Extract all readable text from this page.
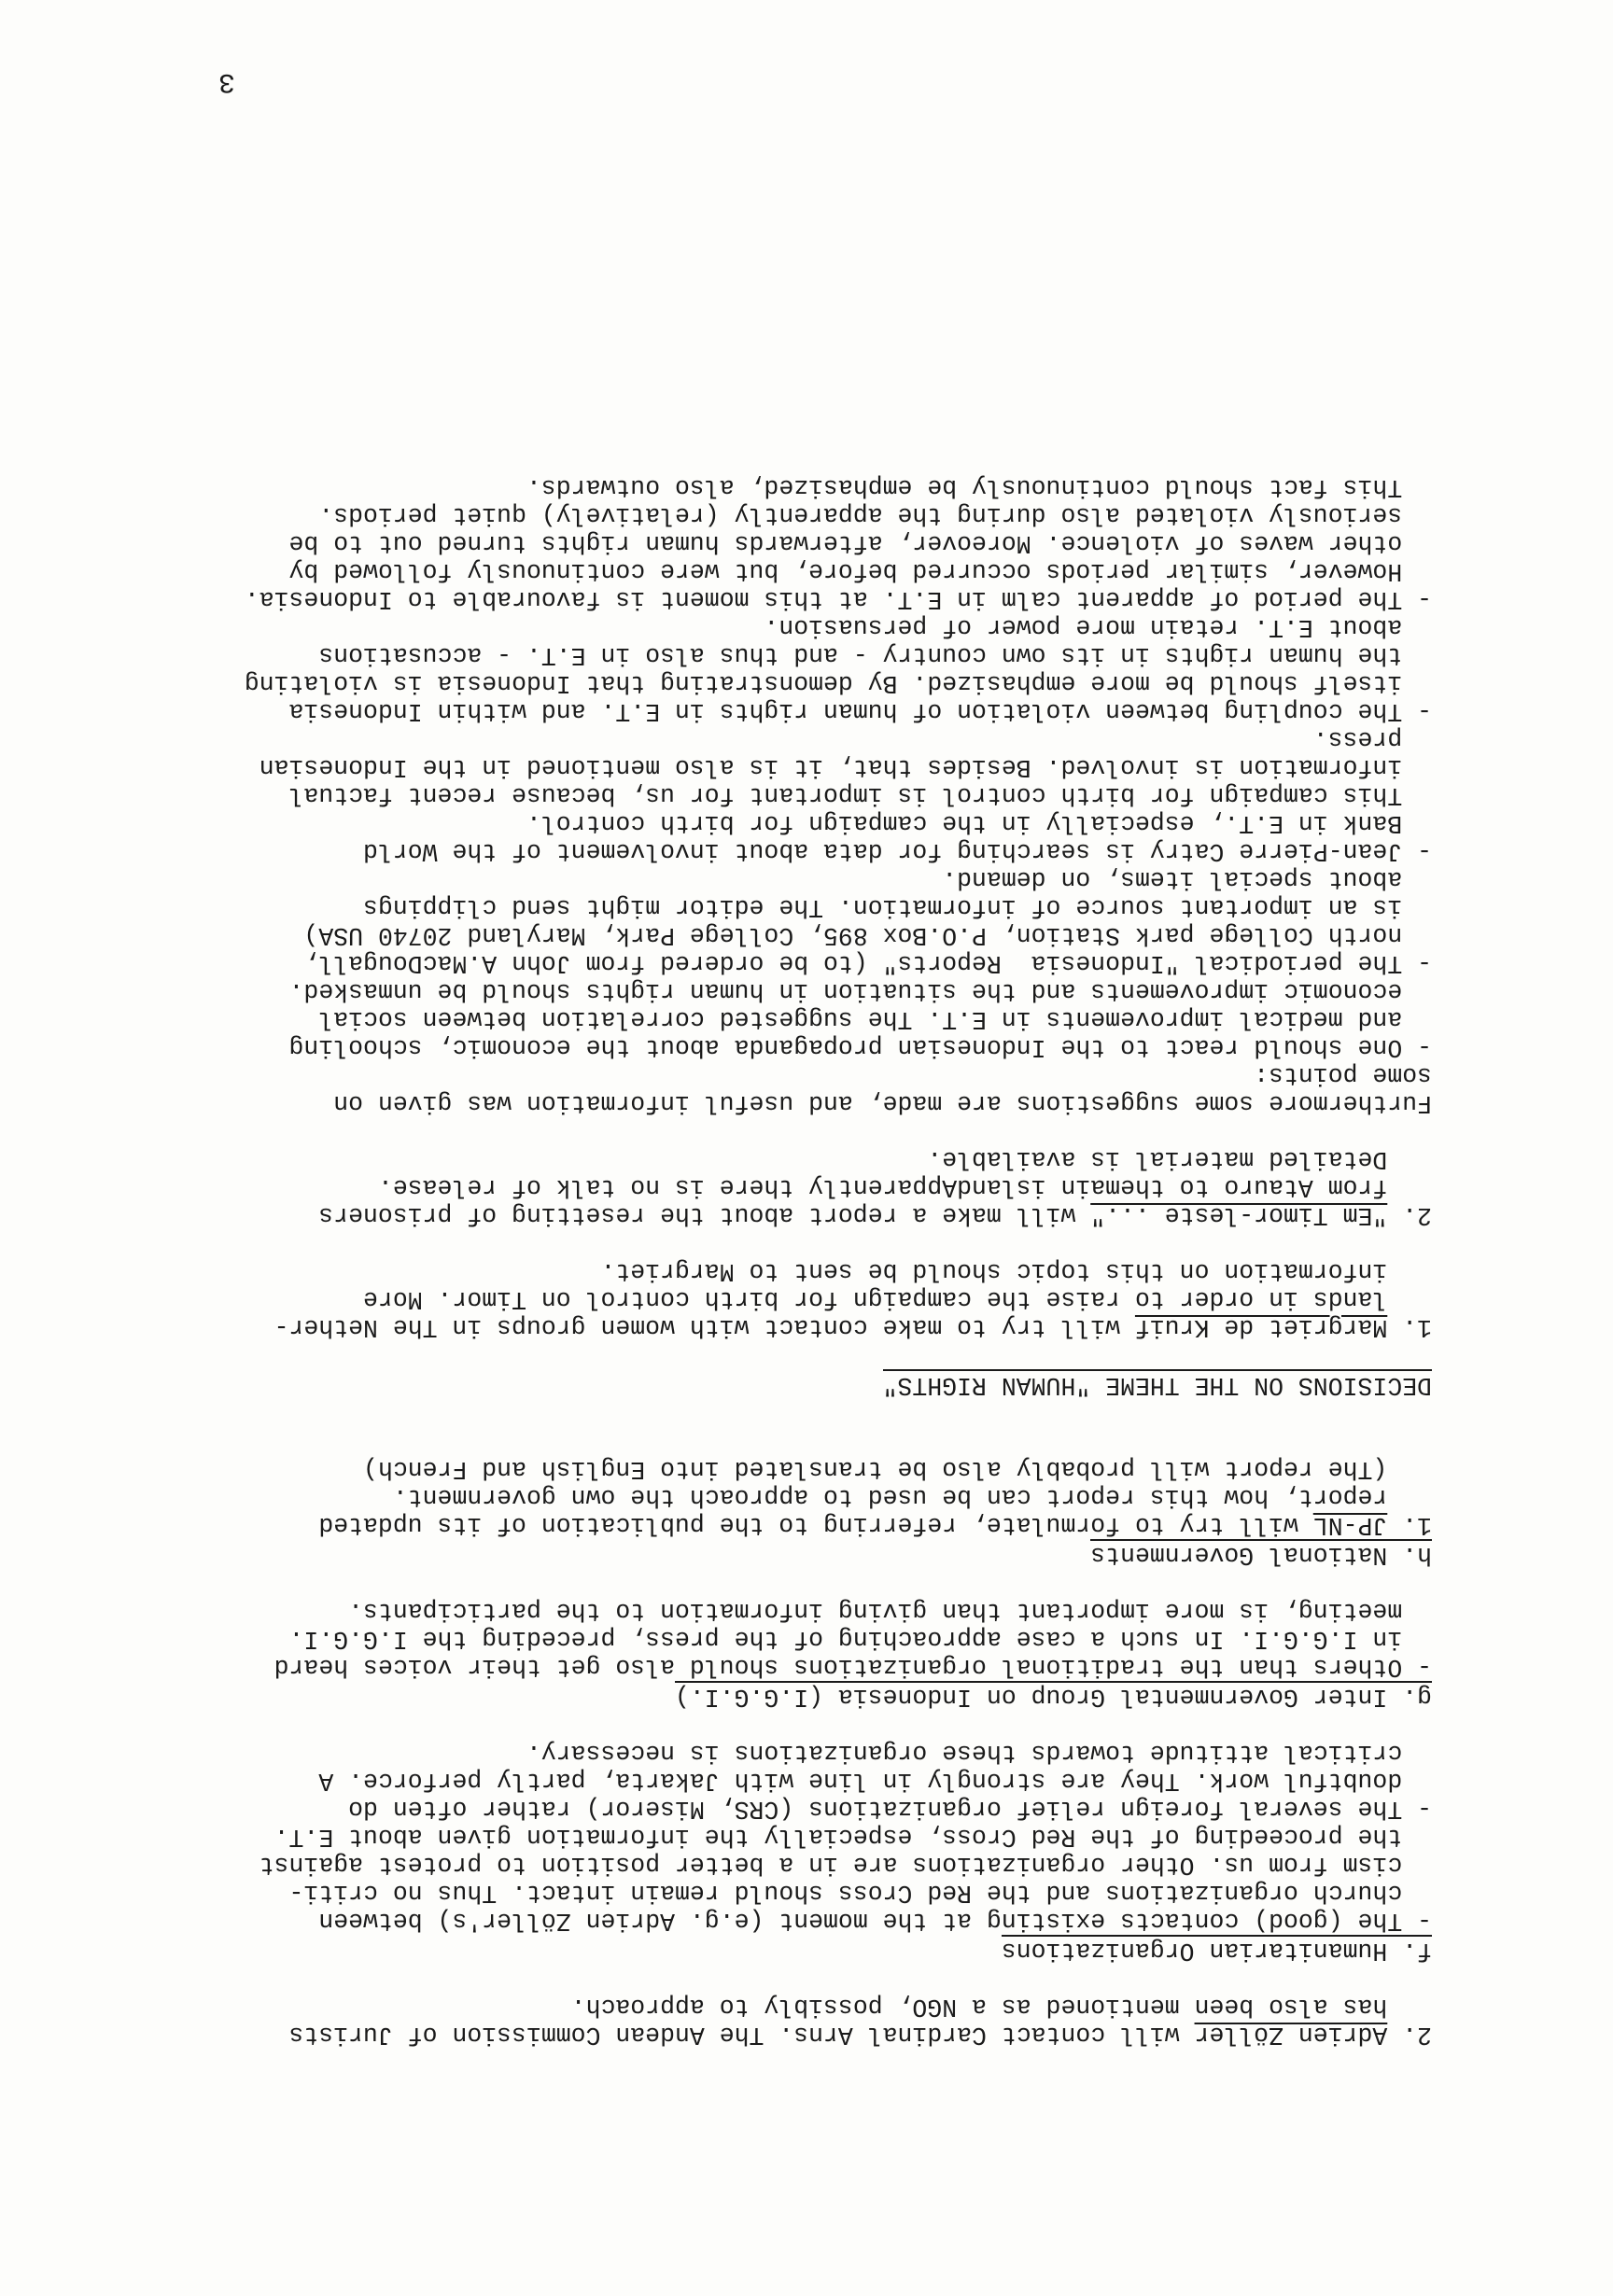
3

2. Adrien Zöller will contact Cardinal Arns. The Andean Commission of Jurists

has also been mentioned as a NGO, possibly to approach.

f. Humanitarian Organizations

- The (good) contacts existing at the moment (e.g. Adrien Zöller's) between

church organizations and the Red Cross should remain intact. Thus no criti-

cism from us. Other organizations are in a better position to protest against

the proceeding of the Red Cross, especially the information given about E.T.

- The several foreign relief organizations (CRS, Miseror) rather often do

doubtful work. They are strongly in line with Jakarta, partly perforce. A

critical attitude towards these organizations is necessary.

g. Inter Governmental Group on Indonesia (I.G.G.I.)

- Others than the traditional organizations should also get their voices heard

in I.G.G.I. In such a case approaching of the press, preceding the I.G.G.I.

meeting, is more important than giving information to the participants.

h. National Governments

1. JP-NL will try to formulate, referring to the publication of its updated

report, how this report can be used to approach the own government.

(The report will probably also be translated into English and French)

DECISIONS ON THE THEME "HUMAN RIGHTS"

1. Margriet de Kruif will try to make contact with women groups in The Nether-

lands in order to raise the campaign for birth control on Timor. More

information on this topic should be sent to Margriet.

2. "Em Timor-leste ..." will make a report about the resetting of prisoners

from Atauro to themain islandApparently there is no talk of release.

Detailed material is available.

Furthermore some suggestions are made, and useful information was given on

some points:

- One should react to the Indonesian propaganda about the economic, schooling

and medical improvements in E.T. The suggested correlation between social

economic improvements and the situation in human rights should be unmasked.

- The periodical "Indonesia  Reports" (to be ordered from John A.MacDougall,

north College park Station, P.O.Box 895, College Park, Maryland 20740 USA)

is an important source of information. The editor might send clippings

about special items, on demand.

- Jean-Pierre Catry is searching for data about involvement of the World

Bank in E.T., especially in the campaign for birth control.

This campaign for birth control is important for us, because recent factual

information is involved. Besides that, it is also mentioned in the Indonesian

press.

- The coupling between violation of human rights in E.T. and within Indonesia

itself should be more emphasized. By demonstrating that Indonesia is violating

the human rights in its own country - and thus also in E.T. - accusations

about E.T. retain more power of persuasion.

- The period of apparent calm in E.T. at this moment is favourable to Indonesia.

However, similar periods occurred before, but were continuously followed by

other waves of violence. Moreover, afterwards human rights turned out to be

seriously violated also during the apparently (relatively) quiet periods.

This fact should continuously be emphasized, also outwards.
